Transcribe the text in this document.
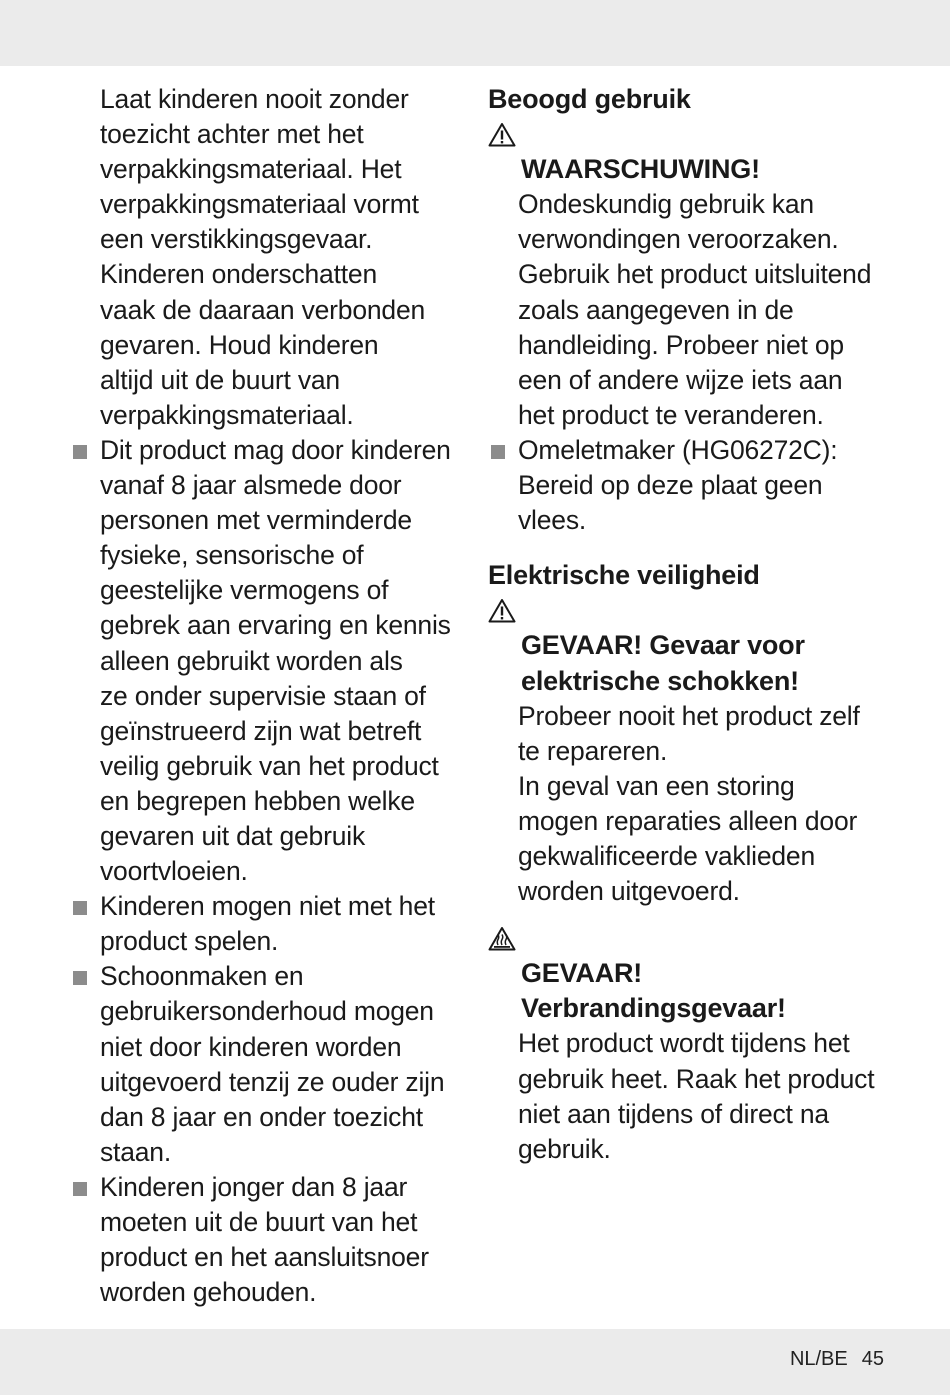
Laat kinderen nooit zonder
toezicht achter met het
verpakkingsmateriaal. Het
verpakkingsmateriaal vormt
een verstikkingsgevaar.
Kinderen onderschatten
vaak de daaraan verbonden
gevaren. Houd kinderen
altijd uit de buurt van
verpakkingsmateriaal.

Dit product mag door kinderen
vanaf 8 jaar alsmede door
personen met verminderde
fysieke, sensorische of
geestelijke vermogens of
gebrek aan ervaring en kennis
alleen gebruikt worden als
ze onder supervisie staan of
geïnstrueerd zijn wat betreft
veilig gebruik van het product
en begrepen hebben welke
gevaren uit dat gebruik
voortvloeien.
Kinderen mogen niet met het
product spelen.
Schoonmaken en
gebruikersonderhoud mogen
niet door kinderen worden
uitgevoerd tenzij ze ouder zijn
dan 8 jaar en onder toezicht
staan.
Kinderen jonger dan 8 jaar
moeten uit de buurt van het
product en het aansluitsnoer
worden gehouden.

Beoogd gebruik

WAARSCHUWING!

Ondeskundig gebruik kan
verwondingen veroorzaken.
Gebruik het product uitsluitend
zoals aangegeven in de
handleiding. Probeer niet op
een of andere wijze iets aan
het product te veranderen.

Omeletmaker (HG06272C):
Bereid op deze plaat geen
vlees.

Elektrische veiligheid

GEVAAR! Gevaar voor
elektrische schokken!

Probeer nooit het product zelf
te repareren.
In geval van een storing
mogen reparaties alleen door
gekwalificeerde vaklieden
worden uitgevoerd.

GEVAAR!
Verbrandingsgevaar!

Het product wordt tijdens het
gebruik heet. Raak het product
niet aan tijdens of direct na
gebruik.

NL/BE 45
